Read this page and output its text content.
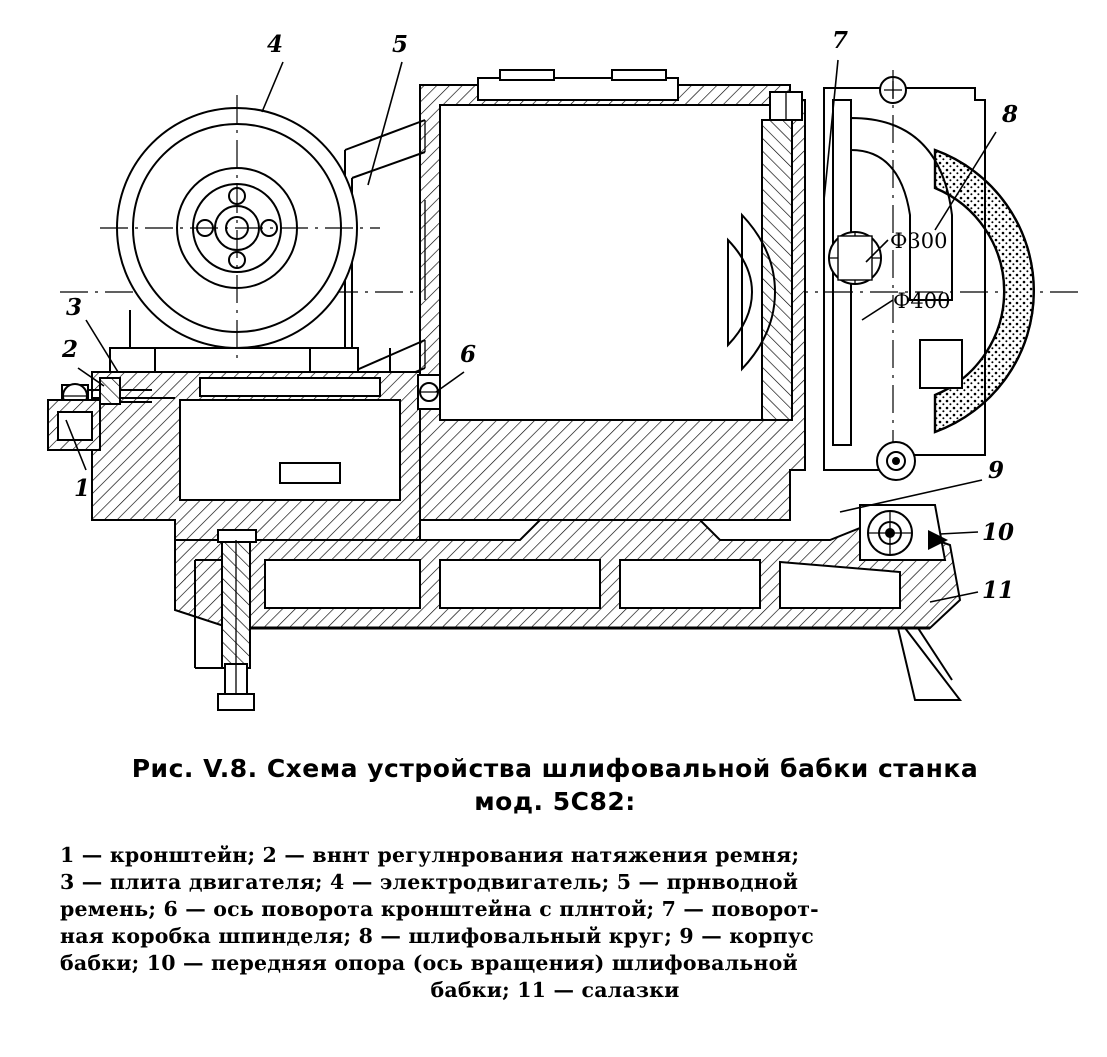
4	5	7
8
3
2
1
6
9
10
11
Ф300
Ф400
Рис. V.8. Схема устройства шлифовальной бабки станка
мод. 5С82:
1 — кронштейн; 2 — вннт регулнрования натяжения ремня;
3 — плита двигателя; 4 — электродвигатель; 5 — прнводной
ремень; 6 — ось поворота кронштейна с плнтой; 7 — поворот-
ная коробка шпинделя; 8 — шлифовальный круг; 9 — корпус
бабки; 10 — передняя опора (ось вращения) шлифовальной
бабки; 11 — салазки
